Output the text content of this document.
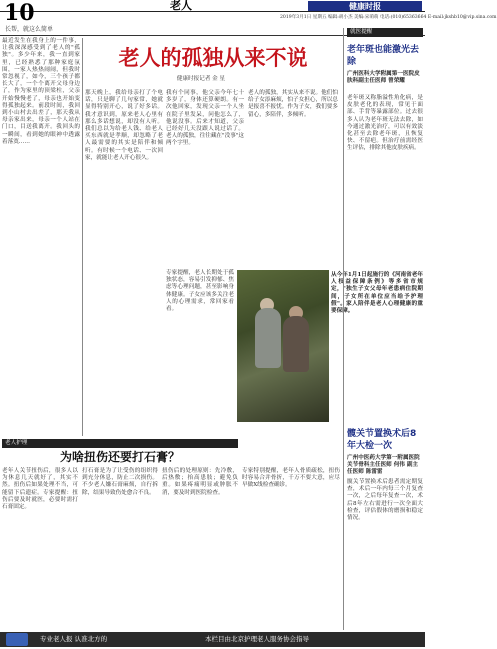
10	老人	健康时报
长帮，就这么简单
2019年3月1日 星期五 编辑:胡小杰 美编:宋萌萌 电话:(010)65363664 E-mail:jkshb10@vip.sina.com
老人的孤独从来不说
健康时报记者 金 星
最近发生在我身上的一件事，让我深深感受到了老人的"孤独"。多少年来，我一直到家里，已经熟悉了那种家庭氛围，一家人热热闹闹，但我时常忽视了，如今，三个孩子都长大了，一个个离开父母身边了，作为家里的顶梁柱，父亲开始慢慢老了，母亲也开始变得孤独起来。前段时间，我回到小山村去出差了，那天我从母亲家出来，母亲一个人站在门口，目送我离开。我回头的一瞬间，看到她的眼神中透露着落寞……
那天晚上，我给母亲打了个电话，只是聊了几句家常，她就显得特别开心，说了好多话。我才意识到，原来老人心里有那么多话想说，却没有人听。我们总以为给老人钱、给老人买东西就是孝顺，却忽略了老人最需要的其实是陪伴和倾听。有时候一个电话、一次回家，就能让老人开心很久。
我有个同事，他父亲今年七十多岁了，身体还算硬朗。有一次他回家，发现父亲一个人坐在院子里发呆，问他怎么了，他说没事。后来才知道，父亲已经好几天没跟人说过话了。老人的孤独，往往藏在"没事"这两个字里。
老人的孤独，其实从来不说。他们怕给子女添麻烦，怕子女担心，所以总是报喜不报忧。作为子女，我们要多留心，多陪伴，多倾听。
专家提醒，老人长期处于孤独状态，容易引发抑郁、焦虑等心理问题，甚至影响身体健康。子女应该多关注老人的心理需求，常回家看看。
从今年1月1日起施行的《河南省老年人权益保障条例》等多省市规定，"独生子女父母年老患病住院期间，子女所在单位应当给予护理假"。家人陪伴是老人心理健康的重要保障。
就医提醒
老年斑也能激光去除
广州医科大学附属第一医院皮肤科副主任医师 曾荣耀
老年斑又称脂溢性角化病，是皮肤老化的表现，常见于面部、手背等暴露部位。过去很多人认为老年斑无法去除，如今通过激光治疗，可以有效淡化甚至去除老年斑，且恢复快、不留疤。但治疗前需经医生评估，排除其他皮肤疾病。
髋关节置换术后8年大检一次
广州中医药大学第一附属医院关节骨科主任医师 何伟 副主任医师 陈雷雷
髋关节置换术后患者需定期复查，术后一年内每三个月复查一次，之后每年复查一次，术后8年左右需进行一次全面大检查，评估假体的磨损和稳定情况。
老人护理
为啥扭伤还要打石膏？
老年人关节扭伤后，很多人以为休息几天就好了，其实不然。扭伤后如果处理不当，可能留下后遗症。专家提醒：扭伤后要及时就医，必要时需打石膏固定。
打石膏是为了让受伤的组织得到充分休息，防止二次损伤。不少老人嫌石膏麻烦，自行拆除，结果导致伤处愈合不良。
扭伤后的处理原则：先冷敷，后热敷；抬高患肢；避免负重。如果疼痛明显或肿胀不消，要及时到医院检查。
专家特别提醒，老年人骨质疏松，扭伤时容易合并骨折，千万不要大意，应尽早做X线检查确诊。
专业老人报 认准北方的	本栏目由北京护理老人服务协会指导
